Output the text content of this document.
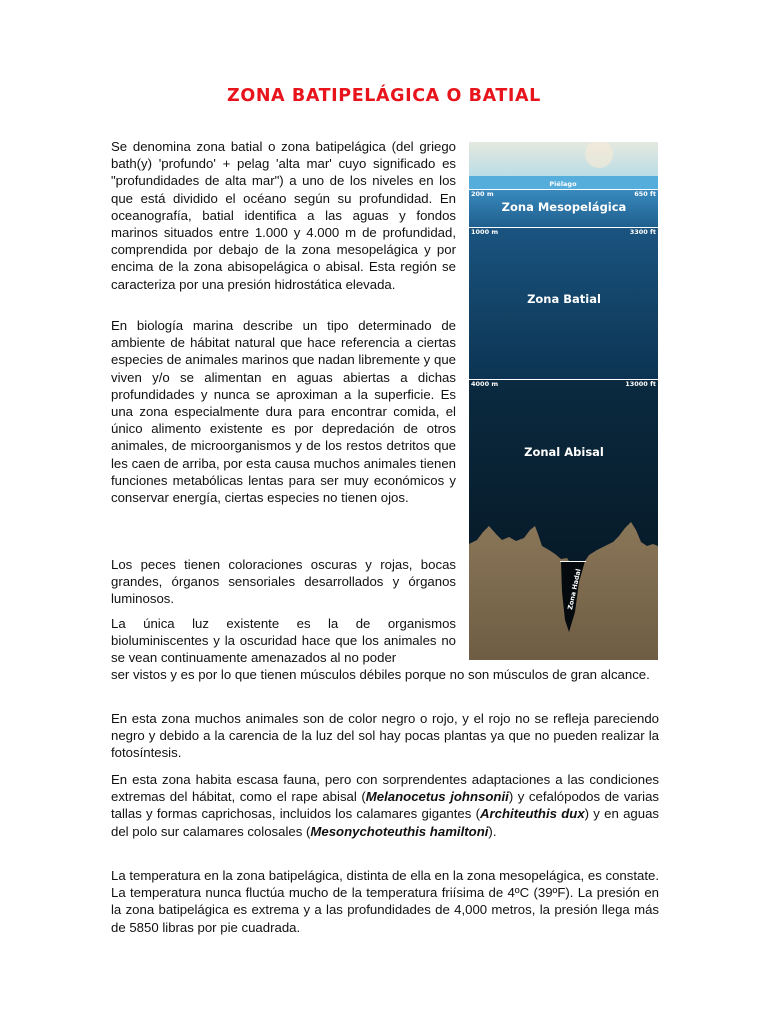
ZONA BATIPELÁGICA O BATIAL

Se denomina zona batial o zona batipelágica (del griego bath(y) 'profundo' + pelag 'alta mar' cuyo significado es "profundidades de alta mar") a uno de los niveles en los que está dividido el océano según su profundidad. En oceanografía, batial identifica a las aguas y fondos marinos situados entre 1.000 y 4.000 m de profundidad, comprendida por debajo de la zona mesopelágica y por encima de la zona abisopelágica o abisal. Esta región se caracteriza por una presión hidrostática elevada.

En biología marina describe un tipo determinado de ambiente de hábitat natural que hace referencia a ciertas especies de animales marinos que nadan libremente y que viven y/o se alimentan en aguas abiertas a dichas profundidades y nunca se aproximan a la superficie. Es una zona especialmente dura para encontrar comida, el único alimento existente es por depredación de otros animales, de microorganismos y de los restos detritos que les caen de arriba, por esta causa muchos animales tienen funciones metabólicas lentas para ser muy económicos y conservar energía, ciertas especies no tienen ojos.

Los peces tienen coloraciones oscuras y rojas, bocas grandes, órganos sensoriales desarrollados y órganos luminosos.

La única luz existente es la de organismos bioluminiscentes y la oscuridad hace que los animales no se vean continuamente amenazados al no poder

ser vistos y es por lo que tienen músculos débiles porque no son músculos de gran alcance.

En esta zona muchos animales son de color negro o rojo, y el rojo no se refleja pareciendo negro y debido a la carencia de la luz del sol hay pocas plantas ya que no pueden realizar la fotosíntesis.

En esta zona habita escasa fauna, pero con sorprendentes adaptaciones a las condiciones extremas del hábitat, como el rape abisal (Melanocetus johnsonii) y cefalópodos de varias tallas y formas caprichosas, incluidos los calamares gigantes (Architeuthis dux) y en aguas del polo sur calamares colosales (Mesonychoteuthis hamiltoni).

La temperatura en la zona batipelágica, distinta de ella en la zona mesopelágica, es constate. La temperatura nunca fluctúa mucho de la temperatura friísima de 4ºC (39ºF). La presión en la zona batipelágica es extrema y a las profundidades de 4,000 metros, la presión llega más de 5850 libras por pie cuadrada.

Piélago
200 m	650 ft
Zona Mesopelágica
1000 m	3300 ft
Zona Batial
4000 m	13000 ft
Zonal Abisal
Zona Hadal
